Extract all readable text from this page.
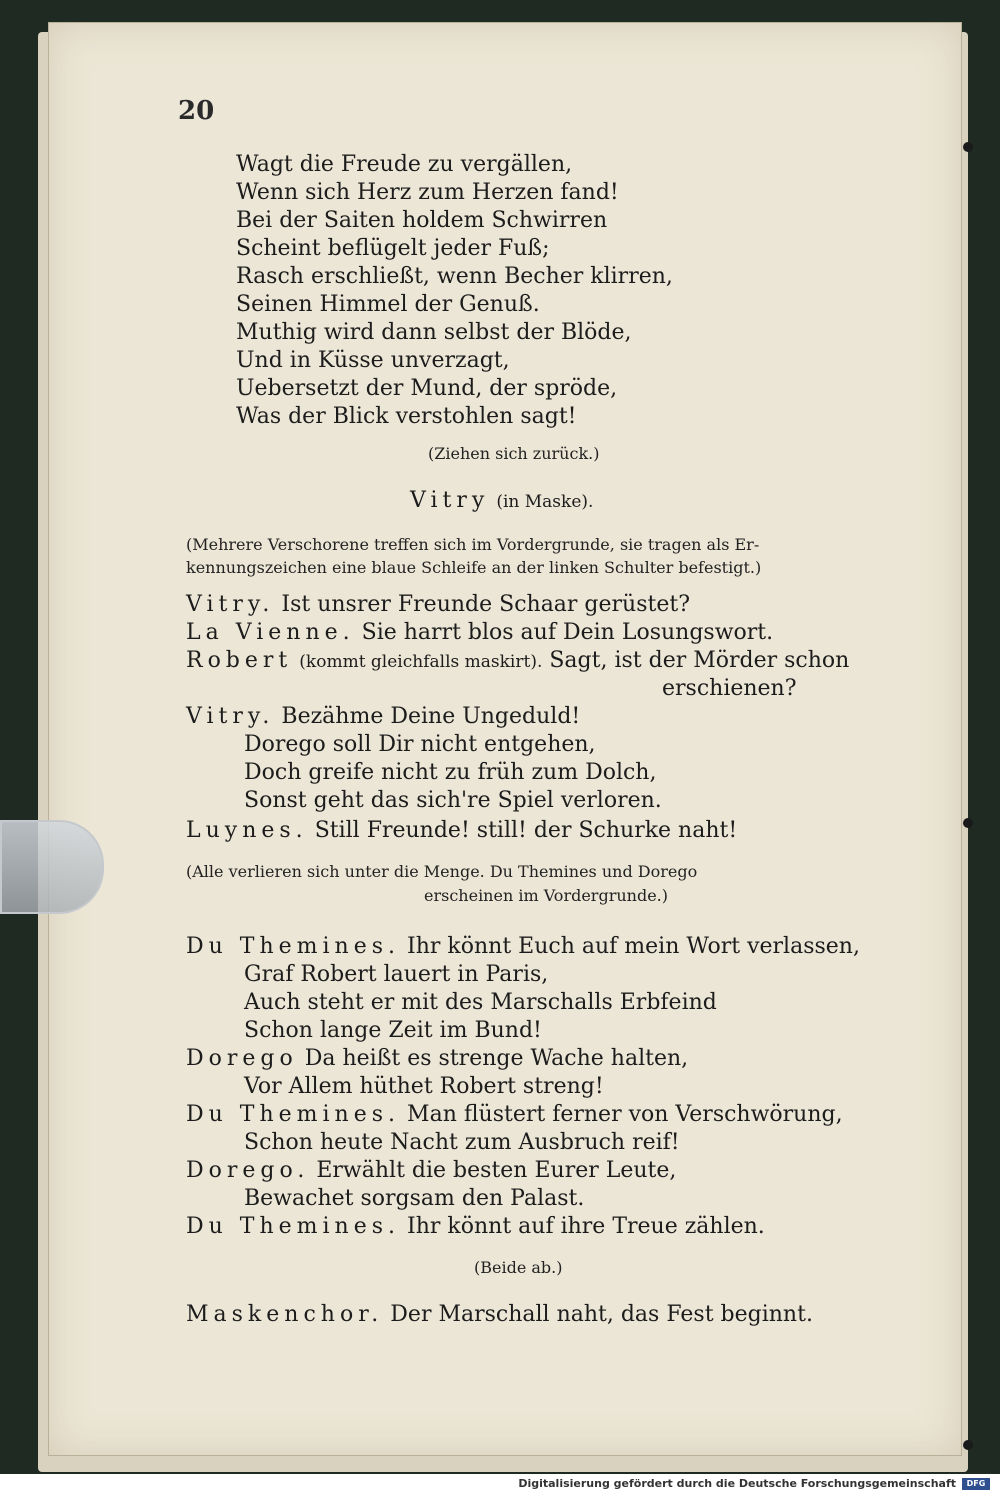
20
Wagt die Freude zu vergällen,
Wenn sich Herz zum Herzen fand!
Bei der Saiten holdem Schwirren
Scheint beflügelt jeder Fuß;
Rasch erschließt, wenn Becher klirren,
Seinen Himmel der Genuß.
Muthig wird dann selbst der Blöde,
Und in Küsse unverzagt,
Uebersetzt der Mund, der spröde,
Was der Blick verstohlen sagt!
(Ziehen sich zurück.)
Vitry (in Maske).
(Mehrere Verschorene treffen sich im Vordergrunde, sie tragen als Er-
kennungszeichen eine blaue Schleife an der linken Schulter befestigt.)
Vitry. Ist unsrer Freunde Schaar gerüstet?
La Vienne. Sie harrt blos auf Dein Losungswort.
Robert (kommt gleichfalls maskirt). Sagt, ist der Mörder schon
erschienen?
Vitry. Bezähme Deine Ungeduld!
Dorego soll Dir nicht entgehen,
Doch greife nicht zu früh zum Dolch,
Sonst geht das sich're Spiel verloren.
Luynes. Still Freunde! still! der Schurke naht!
(Alle verlieren sich unter die Menge. Du Themines und Dorego
erscheinen im Vordergrunde.)
Du Themines. Ihr könnt Euch auf mein Wort verlassen,
Graf Robert lauert in Paris,
Auch steht er mit des Marschalls Erbfeind
Schon lange Zeit im Bund!
Dorego Da heißt es strenge Wache halten,
Vor Allem hüthet Robert streng!
Du Themines. Man flüstert ferner von Verschwörung,
Schon heute Nacht zum Ausbruch reif!
Dorego. Erwählt die besten Eurer Leute,
Bewachet sorgsam den Palast.
Du Themines. Ihr könnt auf ihre Treue zählen.
(Beide ab.)
Maskenchor. Der Marschall naht, das Fest beginnt.
Digitalisierung gefördert durch die Deutsche Forschungsgemeinschaft	DFG
